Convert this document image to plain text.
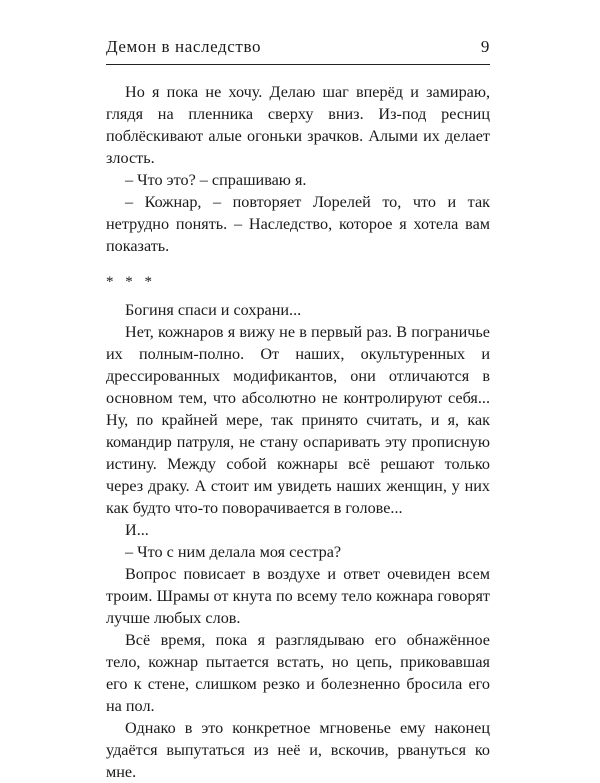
Демон в наследство	9

Но я пока не хочу. Делаю шаг вперёд и замираю, глядя на пленника сверху вниз. Из-под ресниц поблёскивают алые огоньки зрачков. Алыми их делает злость.

– Что это? – спрашиваю я.

– Кожнар, – повторяет Лорелей то, что и так нетрудно понять. – Наследство, которое я хотела вам показать.

* * *

Богиня спаси и сохрани...

Нет, кожнаров я вижу не в первый раз. В пограничье их полным-полно. От наших, окультуренных и дрессированных модификантов, они отличаются в основном тем, что абсолютно не контролируют себя... Ну, по крайней мере, так принято считать, и я, как командир патруля, не стану оспаривать эту прописную истину. Между собой кожнары всё решают только через драку. А стоит им увидеть наших женщин, у них как будто что-то поворачивается в голове...

И...

– Что с ним делала моя сестра?

Вопрос повисает в воздухе и ответ очевиден всем троим. Шрамы от кнута по всему тело кожнара говорят лучше любых слов.

Всё время, пока я разглядываю его обнажённое тело, кожнар пытается встать, но цепь, приковавшая его к стене, слишком резко и болезненно бросила его на пол.

Однако в это конкретное мгновенье ему наконец удаётся выпутаться из неё и, вскочив, рвануться ко мне.
